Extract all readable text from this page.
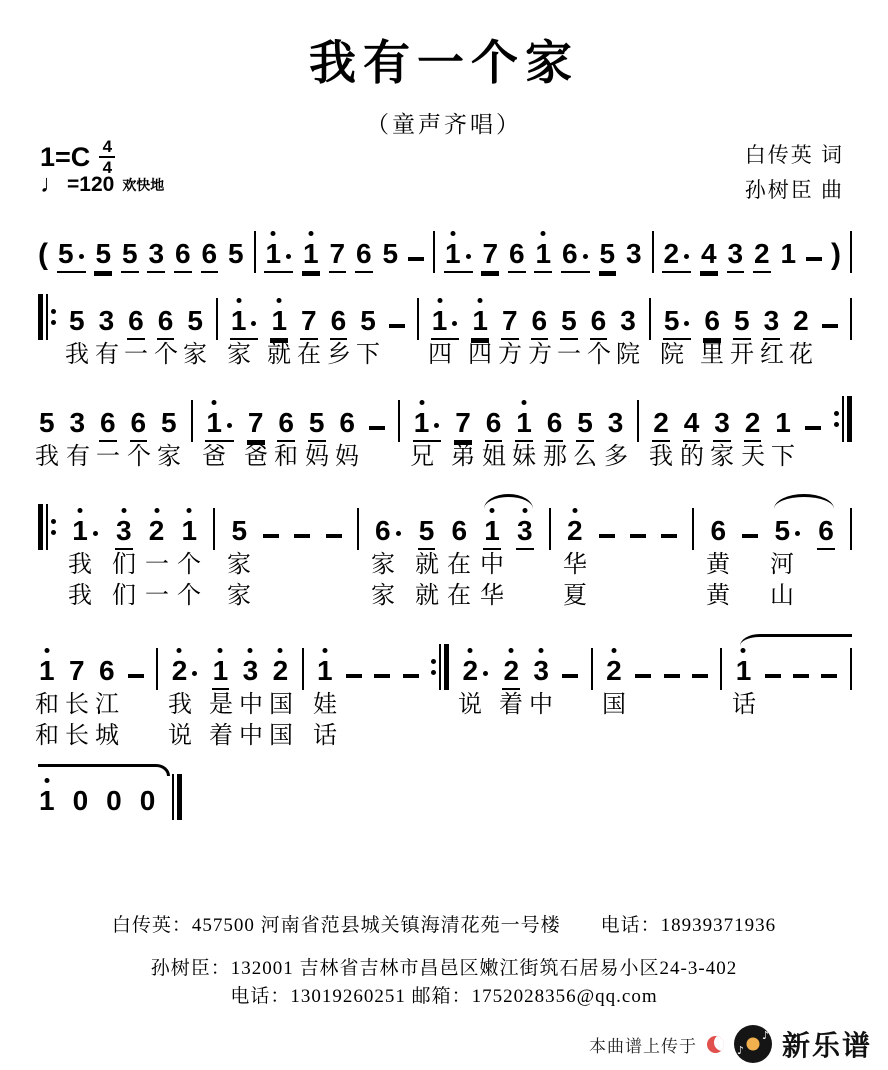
我有一个家
（童声齐唱）
1=C 4
4
♩ =120 欢快地
白传英 词
孙树臣 曲
( 5 5 5 3 6 6 5 1 1 7 6 5 1 7 6 1 6 5 3 2 4 3 2 1 )
5 3 6 6 5 1 1 7 6 5 1 1 7 6 5 6 3 5 6 5 3 2
我 有 一 个 家 家 就 在 乡 下 四 四 方 方 一 个 院 院 里 开 红 花
5 3 6 6 5 1 7 6 5 6 1 7 6 1 6 5 3 2 4 3 2 1
我 有 一 个 家 爸 爸 和 妈 妈 兄 弟 姐 妹 那 么 多 我 的 家 天 下
1 3 2 1 5	6 5 6 1 3 2	6 5 6
我 们 一 个 家	家 就 在 中 华	黄 河
我 们 一 个 家	家 就 在 华 夏	黄 山
1 7 6 2 1 3 2 1	2 2 3 2	1
和 长 江 我 是 中 国 娃	说 着 中 国	话
和 长 城 说 着 中 国 话
1 0 0 0
白传英：457500 河南省范县城关镇海清花苑一号楼　　电话：18939371936
孙树臣：132001 吉林省吉林市昌邑区嫩江街筑石居易小区24-3-402
电话：13019260251 邮箱：1752028356@qq.com
本曲谱上传于	♪
♪ 新乐谱
